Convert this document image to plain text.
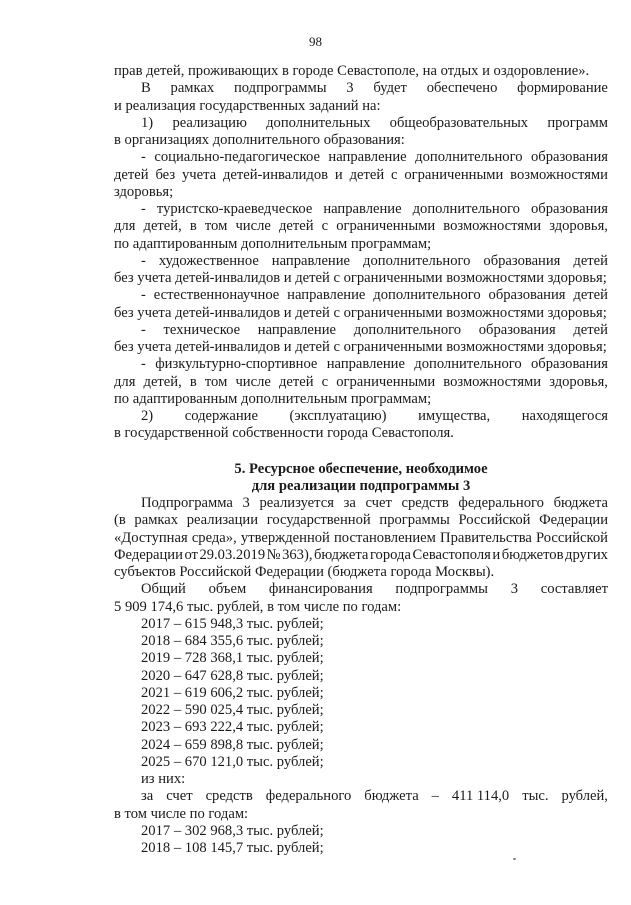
98
прав детей, проживающих в городе Севастополе, на отдых и оздоровление».
В рамках подпрограммы 3 будет обеспечено формирование
и реализация государственных заданий на:
1) реализацию дополнительных общеобразовательных программ
в организациях дополнительного образования:
- социально-педагогическое направление дополнительного образования
детей без учета детей-инвалидов и детей с ограниченными возможностями
здоровья;
- туристско-краеведческое направление дополнительного образования
для детей, в том числе детей с ограниченными возможностями здоровья,
по адаптированным дополнительным программам;
- художественное направление дополнительного образования детей
без учета детей-инвалидов и детей с ограниченными возможностями здоровья;
- естественнонаучное направление дополнительного образования детей
без учета детей-инвалидов и детей с ограниченными возможностями здоровья;
- техническое направление дополнительного образования детей
без учета детей-инвалидов и детей с ограниченными возможностями здоровья;
- физкультурно-спортивное направление дополнительного образования
для детей, в том числе детей с ограниченными возможностями здоровья,
по адаптированным дополнительным программам;
2) содержание (эксплуатацию) имущества, находящегося
в государственной собственности города Севастополя.
5. Ресурсное обеспечение, необходимое
для реализации подпрограммы 3
Подпрограмма 3 реализуется за счет средств федерального бюджета
(в рамках реализации государственной программы Российской Федерации
«Доступная среда», утвержденной постановлением Правительства Российской
Федерации от 29.03.2019 № 363), бюджета города Севастополя и бюджетов других
субъектов Российской Федерации (бюджета города Москвы).
Общий объем финансирования подпрограммы 3 составляет
5 909 174,6 тыс. рублей, в том числе по годам:
2017 – 615 948,3 тыс. рублей;
2018 – 684 355,6 тыс. рублей;
2019 – 728 368,1 тыс. рублей;
2020 – 647 628,8 тыс. рублей;
2021 – 619 606,2 тыс. рублей;
2022 – 590 025,4 тыс. рублей;
2023 – 693 222,4 тыс. рублей;
2024 – 659 898,8 тыс. рублей;
2025 – 670 121,0 тыс. рублей;
из них:
за счет средств федерального бюджета – 411 114,0 тыс. рублей,
в том числе по годам:
2017 – 302 968,3 тыс. рублей;
2018 – 108 145,7 тыс. рублей;
